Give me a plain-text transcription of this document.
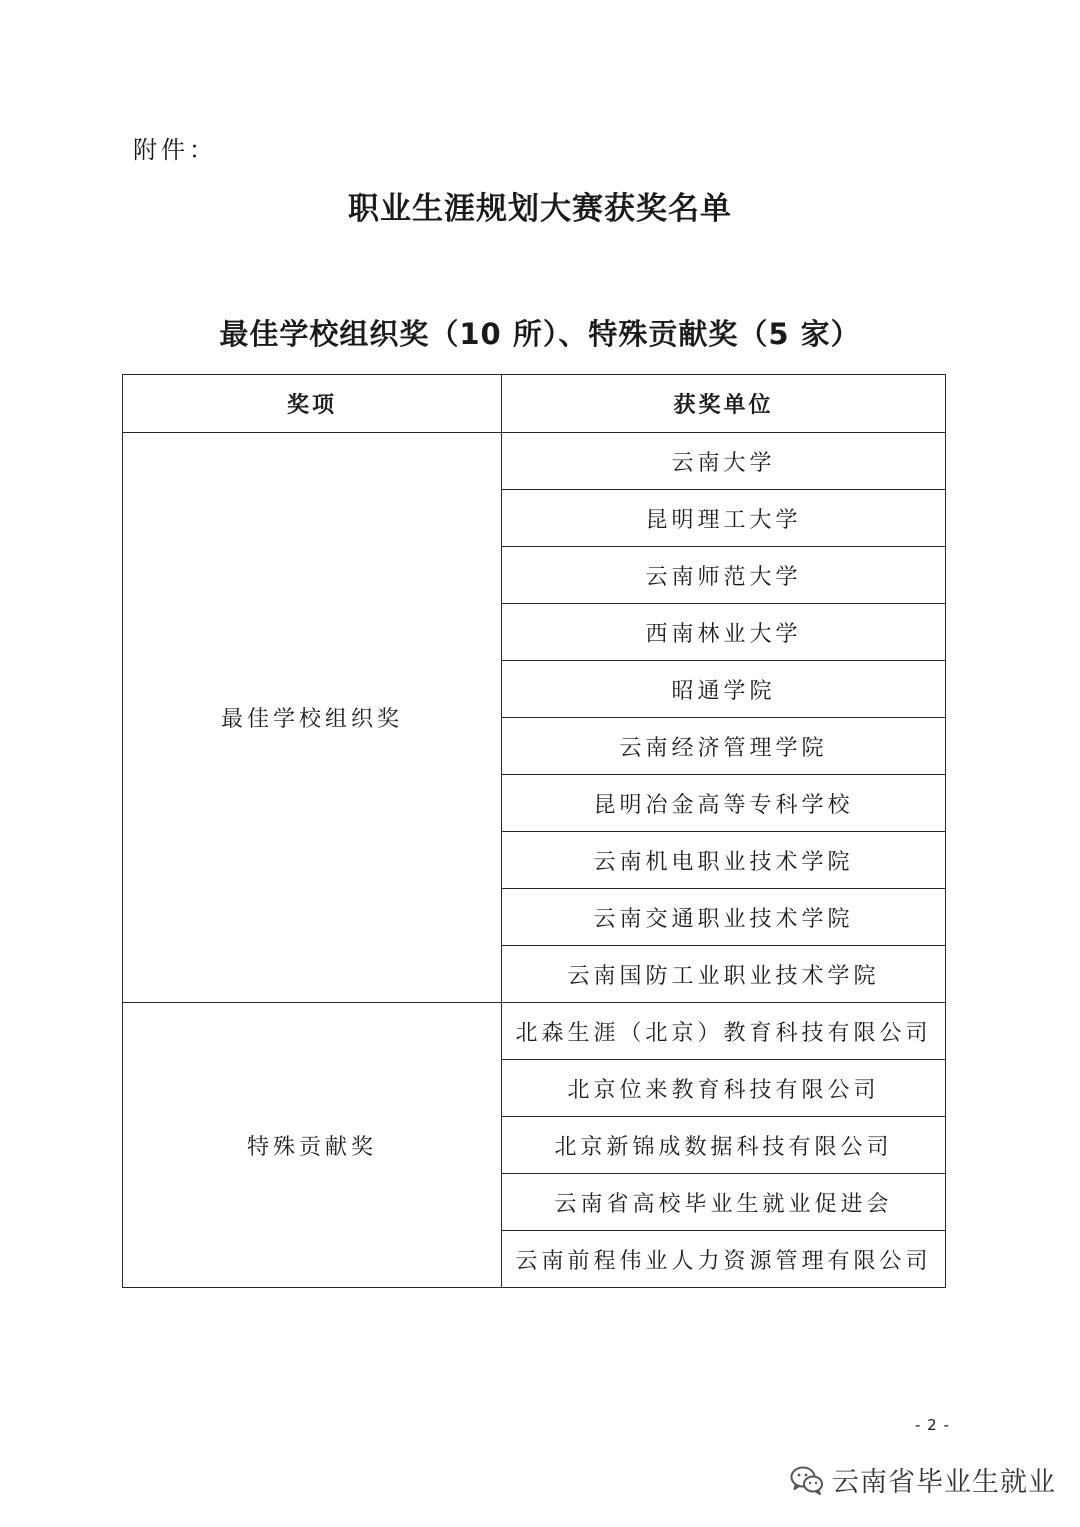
附件：
职业生涯规划大赛获奖名单
最佳学校组织奖（10 所）、特殊贡献奖（5 家）
奖项	获奖单位
最佳学校组织奖	云南大学
	昆明理工大学
	云南师范大学
	西南林业大学
	昭通学院
	云南经济管理学院
	昆明冶金高等专科学校
	云南机电职业技术学院
	云南交通职业技术学院
	云南国防工业职业技术学院
特殊贡献奖	北森生涯（北京）教育科技有限公司
	北京位来教育科技有限公司
	北京新锦成数据科技有限公司
	云南省高校毕业生就业促进会
	云南前程伟业人力资源管理有限公司
- 2 -
云南省毕业生就业
